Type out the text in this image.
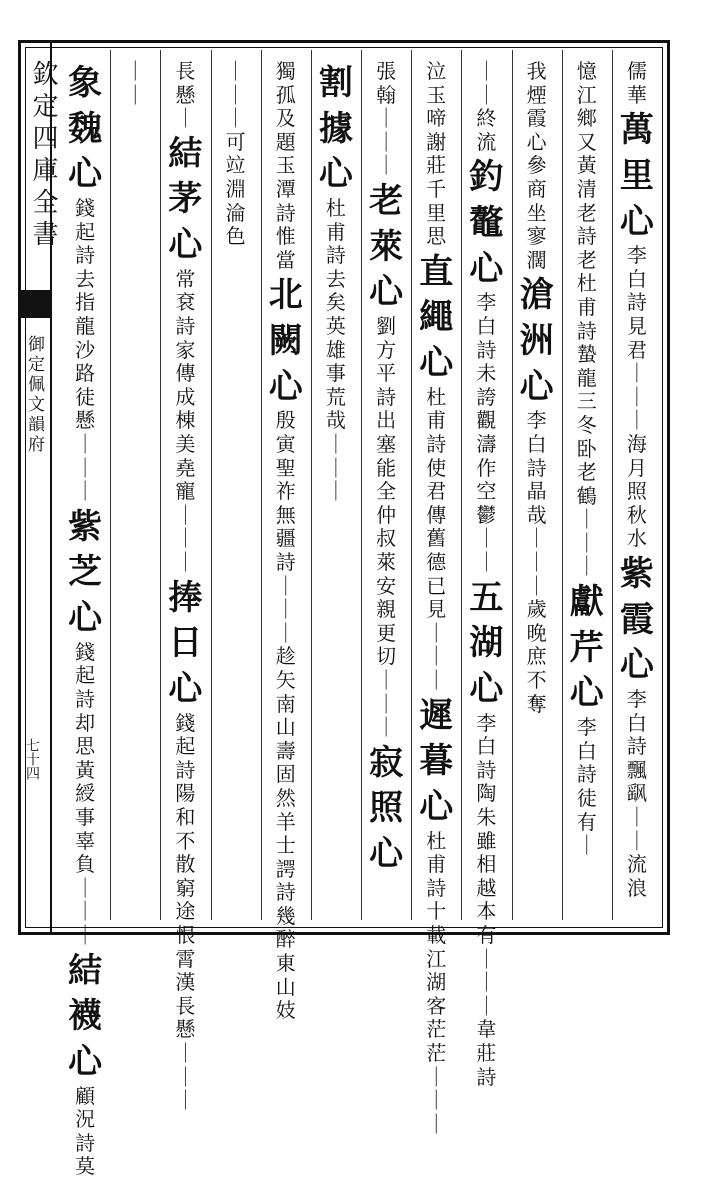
欽定四庫全書
御定佩文韻府
七十四
儒
華
萬
里
心
李
白
詩
見
君
｜
｜
｜
海
月
照
秋
水
紫
霞
心
李
白
詩
飄
飖
｜
｜
流
浪
憶
江
鄉
又
黃
清
老
詩
老
杜
甫
詩
蟄
龍
三
冬
卧
老
鶴
｜
｜
｜
獻
芹
心
李
白
詩
徒
有
｜
我
煙
霞
心
參
商
坐
寥
濶
滄
洲
心
李
白
詩
晶
哉
｜
｜
｜
歲
晚
庶
不
奪
｜
｜
終
流
釣
鼇
心
李
白
詩
未
誇
觀
濤
作
空
鬱
｜
｜
五
湖
心
李
白
詩
陶
朱
雖
相
越
本
有
｜
｜
｜
韋
莊
詩
泣
玉
啼
謝
莊
千
里
思
直
繩
心
杜
甫
詩
使
君
傳
舊
德
已
見
｜
｜
｜
遲
暮
心
杜
甫
詩
十
載
江
湖
客
茫
茫
｜
｜
｜
張
翰
｜
｜
｜
老
萊
心
劉
方
平
詩
出
塞
能
全
仲
叔
萊
安
親
更
切
｜
｜
｜
寂
照
心
割
據
心
杜
甫
詩
去
矣
英
雄
事
荒
哉
｜
｜
｜
獨
孤
及
題
玉
潭
詩
惟
當
北
闕
心
殷
寅
聖
祚
無
疆
詩
｜
｜
｜
趁
矢
南
山
壽
固
然
羊
士
諤
詩
幾
醉
東
山
妓
｜
｜
｜
可
竝
淵
淪
色
長
懸
｜
結
茅
心
常
袞
詩
家
傳
成
棟
美
堯
寵
｜
｜
｜
捧
日
心
錢
起
詩
陽
和
不
散
窮
途
恨
霄
漢
長
懸
｜
｜
｜
｜
｜
象
魏
心
錢
起
詩
去
指
龍
沙
路
徒
懸
｜
｜
｜
紫
芝
心
錢
起
詩
却
思
黃
綬
事
辜
負
｜
｜
｜
結
襪
心
顧
況
詩
莫
